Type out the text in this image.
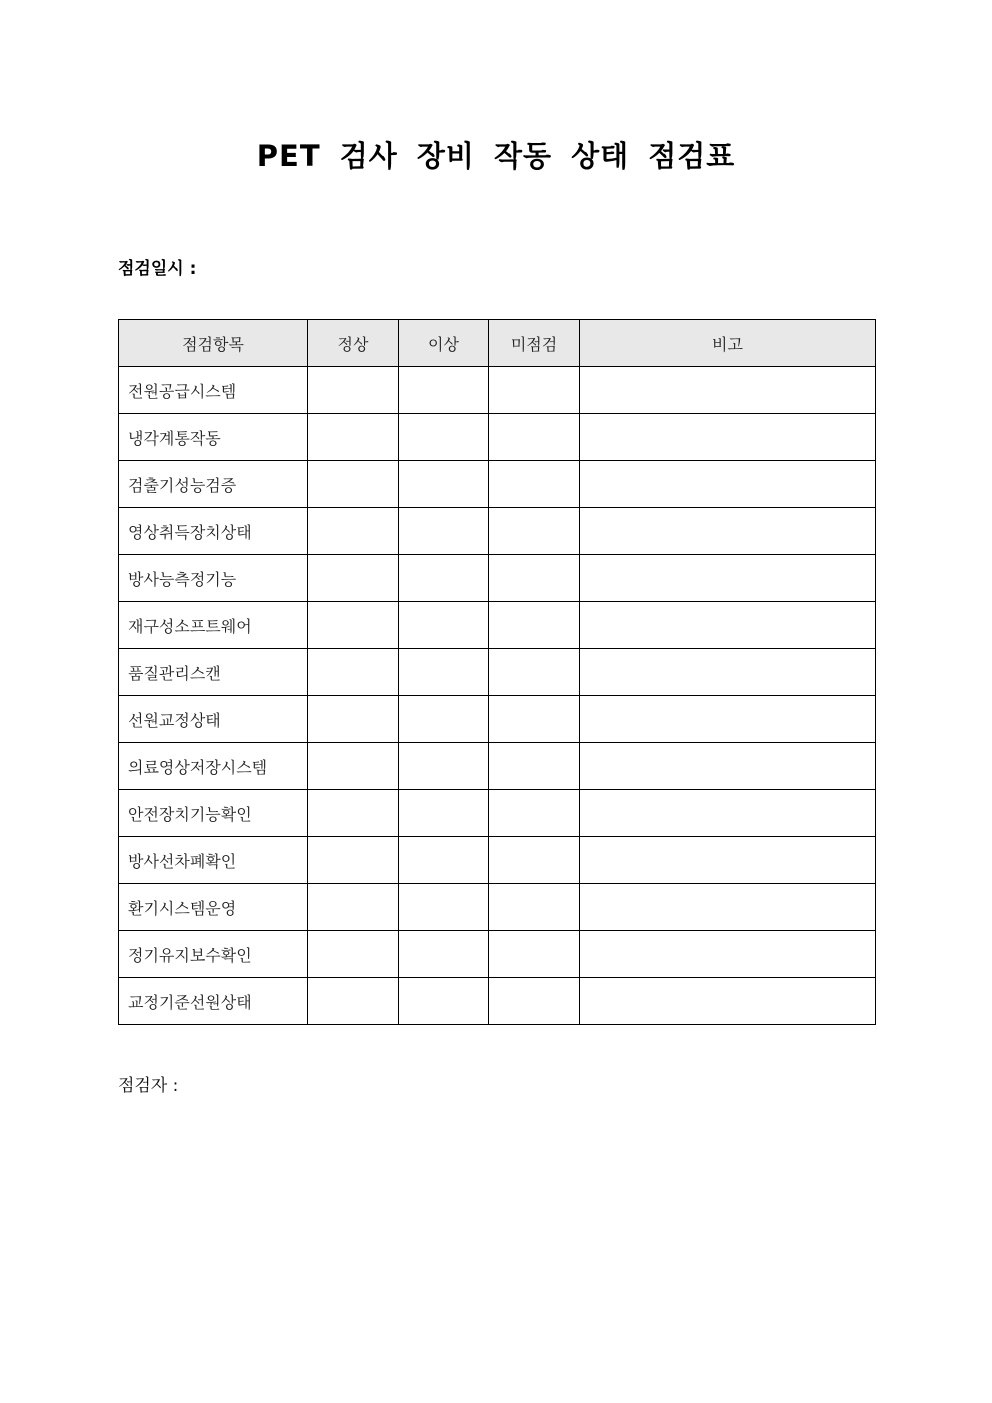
PET 검사 장비 작동 상태 점검표
점검일시 :
점검항목	정상	이상	미점검	비고
전원공급시스템				
냉각계통작동				
검출기성능검증				
영상취득장치상태				
방사능측정기능				
재구성소프트웨어				
품질관리스캔				
선원교정상태				
의료영상저장시스템				
안전장치기능확인				
방사선차폐확인				
환기시스템운영				
정기유지보수확인				
교정기준선원상태				
점검자 :
